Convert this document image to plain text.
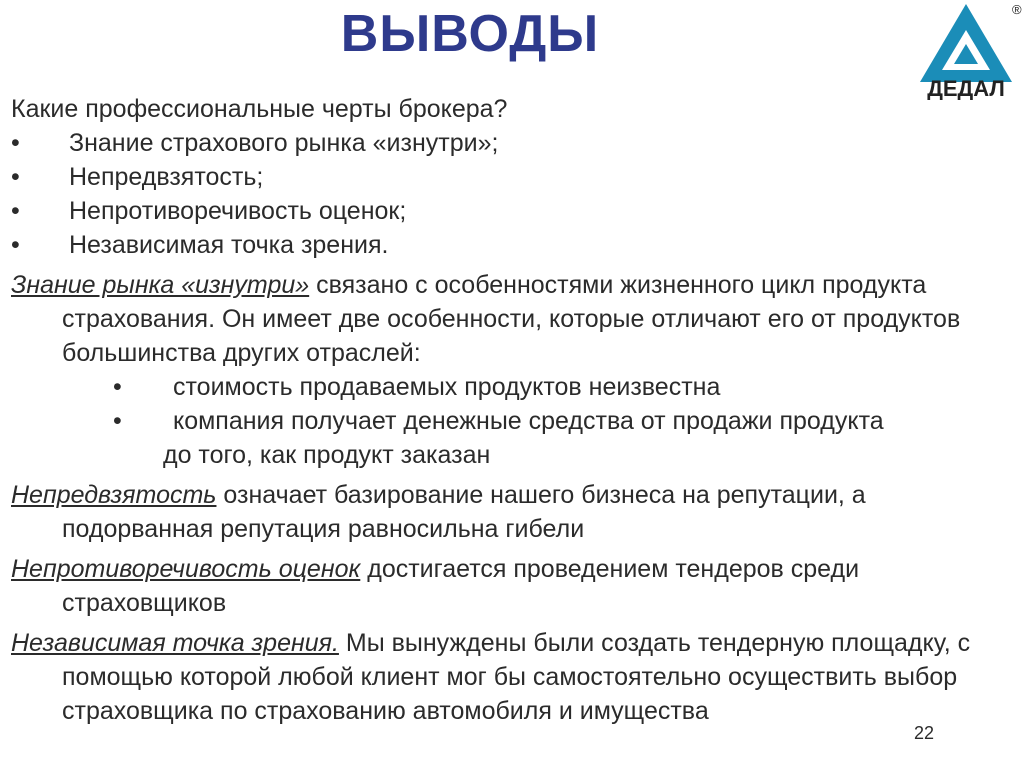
ВЫВОДЫ
ДЕДАЛ
®
Какие профессиональные черты брокера?
•	Знание страхового рынка «изнутри»;
•	Непредвзятость;
•	Непротиворечивость оценок;
•	Независимая точка зрения.
Знание рынка «изнутри» связано с особенностями жизненного цикл продукта страхования. Он имеет две особенности, которые отличают его от продуктов большинства других отраслей:
•	стоимость продаваемых продуктов неизвестна
•	компания получает денежные средства от продажи продукта
до того, как продукт заказан
Непредвзятость означает базирование нашего бизнеса на репутации, а подорванная репутация равносильна гибели
Непротиворечивость оценок достигается проведением тендеров среди страховщиков
Независимая точка зрения. Мы вынуждены были создать тендерную площадку, с помощью которой любой клиент мог бы самостоятельно осуществить выбор страховщика по страхованию автомобиля и имущества
22
